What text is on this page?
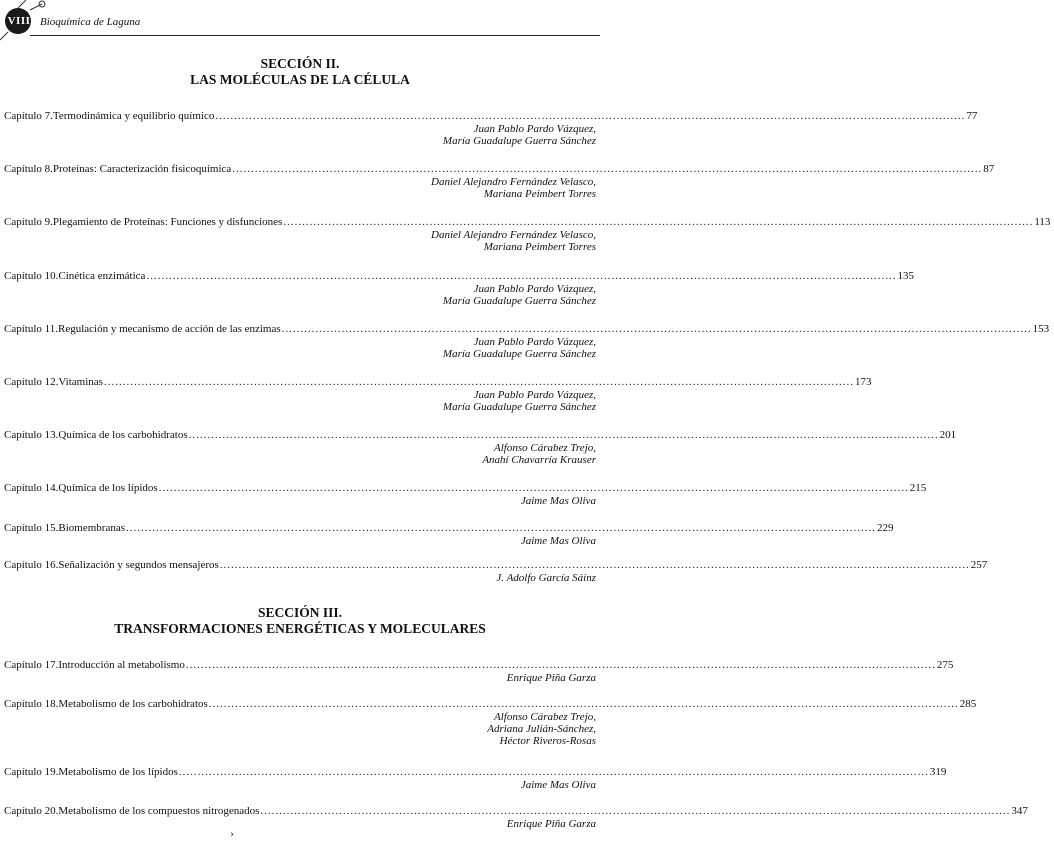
VIII Bioquímica de Laguna
SECCIÓN II.
LAS MOLÉCULAS DE LA CÉLULA
Capítulo 7. Termodinámica y equilibrio químico ........................................................................................................................................................................................................ 77
Juan Pablo Pardo Vázquez,
María Guadalupe Guerra Sánchez
Capítulo 8. Proteínas: Caracterización fisicoquímica ........................................................................................................................................................................................................ 87
Daniel Alejandro Fernández Velasco,
Mariana Peimbert Torres
Capítulo 9. Plegamiento de Proteínas: Funciones y disfunciones ........................................................................................................................................................................................................ 113
Daniel Alejandro Fernández Velasco,
Mariana Peimbert Torres
Capítulo 10. Cinética enzimática ........................................................................................................................................................................................................ 135
Juan Pablo Pardo Vázquez,
María Guadalupe Guerra Sánchez
Capítulo 11. Regulación y mecanismo de acción de las enzimas ........................................................................................................................................................................................................ 153
Juan Pablo Pardo Vázquez,
María Guadalupe Guerra Sánchez
Capítulo 12. Vitaminas ........................................................................................................................................................................................................ 173
Juan Pablo Pardo Vázquez,
María Guadalupe Guerra Sánchez
Capítulo 13. Química de los carbohidratos ........................................................................................................................................................................................................ 201
Alfonso Cárabez Trejo,
Anahí Chavarría Krauser
Capítulo 14. Química de los lípidos ........................................................................................................................................................................................................ 215
Jaime Mas Oliva
Capítulo 15. Biomembranas ........................................................................................................................................................................................................ 229
Jaime Mas Oliva
Capítulo 16. Señalización y segundos mensajeros ........................................................................................................................................................................................................ 257
J. Adolfo García Sáinz
SECCIÓN III.
TRANSFORMACIONES ENERGÉTICAS Y MOLECULARES
Capítulo 17. Introducción al metabolismo ........................................................................................................................................................................................................ 275
Enrique Piña Garza
Capítulo 18. Metabolismo de los carbohidratos ........................................................................................................................................................................................................ 285
Alfonso Cárabez Trejo,
Adriana Julián-Sánchez,
Héctor Riveros-Rosas
Capítulo 19. Metabolismo de los lípidos ........................................................................................................................................................................................................ 319
Jaime Mas Oliva
Capítulo 20. Metabolismo de los compuestos nitrogenados ........................................................................................................................................................................................................ 347
Enrique Piña Garza
›
